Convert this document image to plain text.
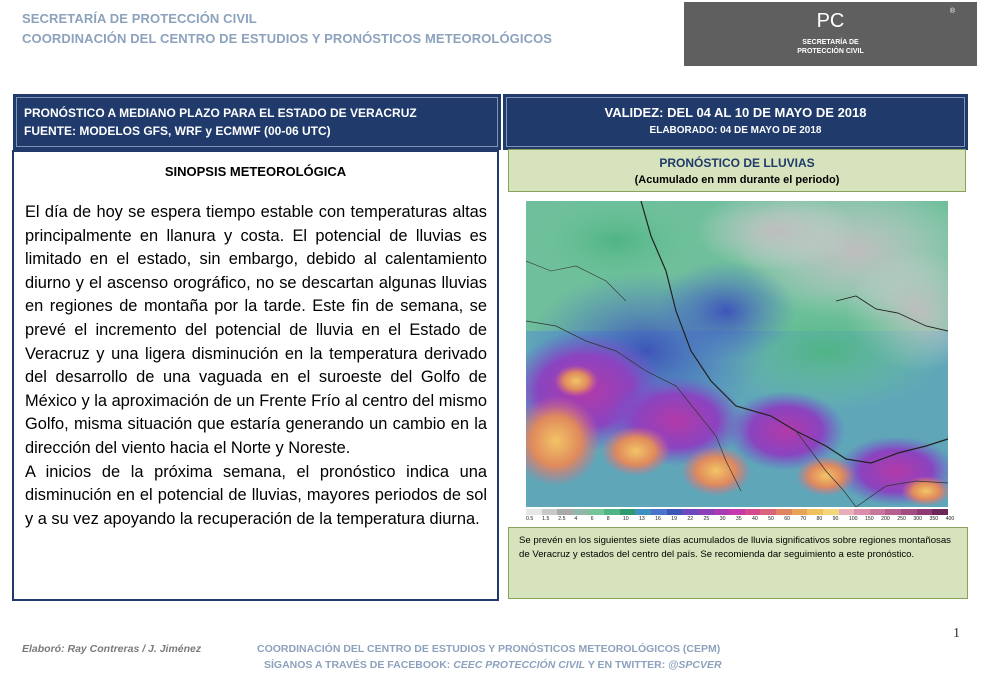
SECRETARÍA DE PROTECCIÓN CIVIL
COORDINACIÓN DEL CENTRO DE ESTUDIOS Y PRONÓSTICOS METEOROLÓGICOS
PC	®
SECRETARÍA DE
PROTECCIÓN CIVIL
PRONÓSTICO A MEDIANO PLAZO PARA EL ESTADO DE VERACRUZ
FUENTE: MODELOS GFS, WRF y ECMWF (00-06 UTC)
VALIDEZ: DEL 04 AL 10 DE MAYO DE 2018
ELABORADO: 04 DE MAYO DE 2018
SINOPSIS METEOROLÓGICA

El día de hoy se espera tiempo estable con temperaturas altas principalmente en llanura y costa. El potencial de lluvias es limitado en el estado, sin embargo, debido al calentamiento diurno y el ascenso orográfico, no se descartan algunas lluvias en regiones de montaña por la tarde. Este fin de semana, se prevé el incremento del potencial de lluvia en el Estado de Veracruz y una ligera disminución en la temperatura derivado del desarrollo de una vaguada en el suroeste del Golfo de México y la aproximación de un Frente Frío al centro del mismo Golfo, misma situación que estaría generando un cambio en la dirección del viento hacia el Norte y Noreste.

A inicios de la próxima semana, el pronóstico indica una disminución en el potencial de lluvias, mayores periodos de sol y a su vez apoyando la recuperación de la temperatura diurna.

PRONÓSTICO DE LLUVIAS
(Acumulado en mm durante el periodo)
0.5	1.5	2.5	4	6	8	10	13	16	19	22	25	30	35	40	50	60	70	80	90	100	150	200	250	300	350	400

Se prevén en los siguientes siete días acumulados de lluvia significativos sobre regiones montañosas de Veracruz y estados del centro del país. Se recomienda dar seguimiento a este pronóstico.

1
Elaboró: Ray Contreras / J. Jiménez	COORDINACIÓN DEL CENTRO DE ESTUDIOS Y PRONÓSTICOS METEOROLÓGICOS (CEPM)
SÍGANOS A TRAVÉS DE FACEBOOK: CEEC PROTECCIÓN CIVIL Y EN TWITTER: @SPCVER
